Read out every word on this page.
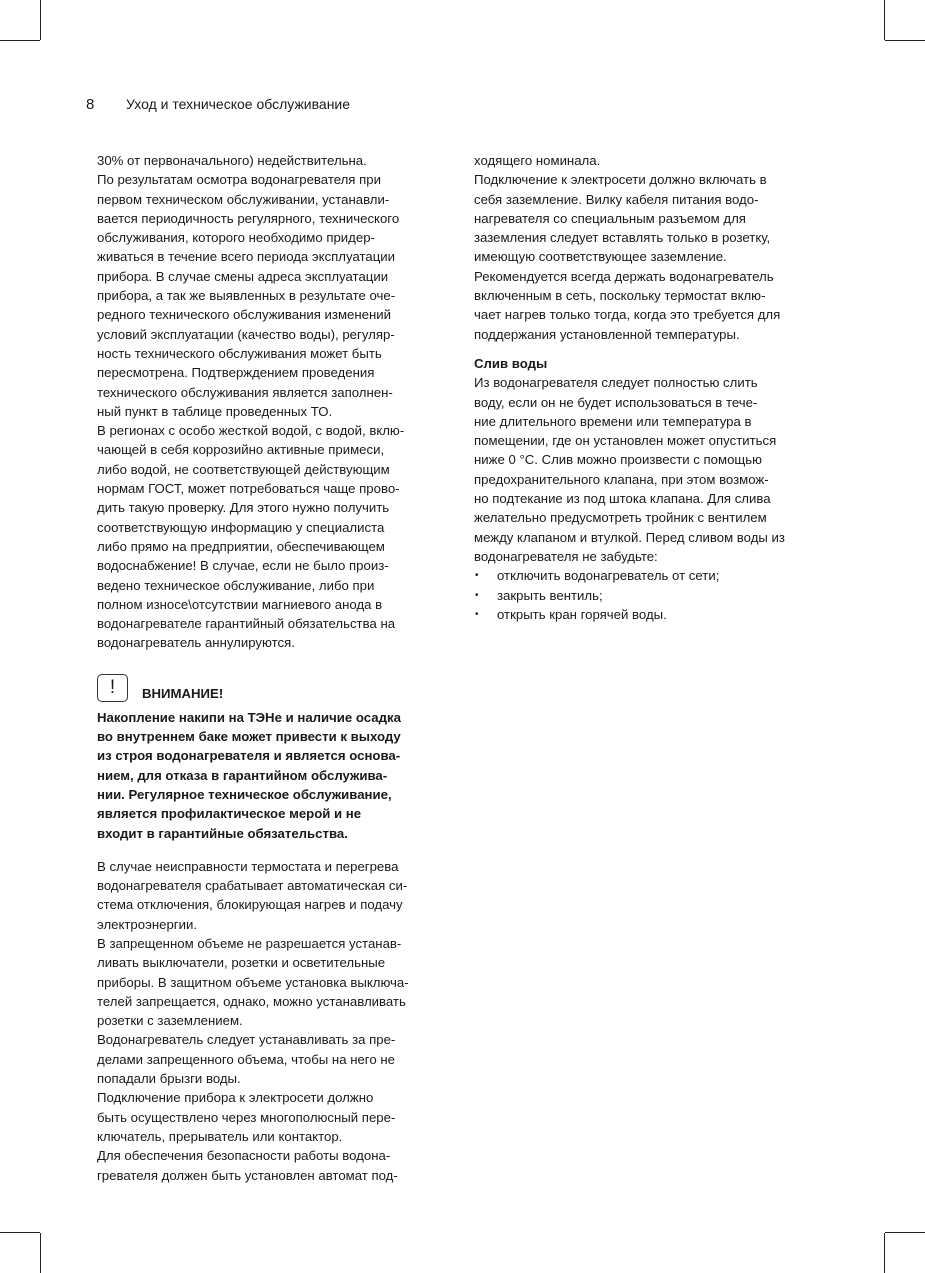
8	Уход и техническое обслуживание

30% от первоначального) недействительна.

По результатам осмотра водонагревателя при

первом техническом обслуживании, устанавли-

вается периодичность регулярного, технического

обслуживания, которого необходимо придер-

живаться в течение всего периода эксплуатации

прибора. В случае смены адреса эксплуатации

прибора, а так же выявленных в результате оче-

редного технического обслуживания изменений

условий эксплуатации (качество воды), регуляр-

ность технического обслуживания может быть

пересмотрена. Подтверждением проведения

технического обслуживания является заполнен-

ный пункт в таблице проведенных ТО.

В регионах с особо жесткой водой, с водой, вклю-

чающей в себя коррозийно активные примеси,

либо водой, не соответствующей действующим

нормам ГОСТ, может потребоваться чаще прово-

дить такую проверку. Для этого нужно получить

соответствующую информацию у специалиста

либо прямо на предприятии, обеспечивающем

водоснабжение! В случае, если не было произ-

ведено техническое обслуживание, либо при

полном износе\отсутствии магниевого анода в

водонагревателе гарантийный обязательства на

водонагреватель аннулируются.

!	ВНИМАНИЕ!

Накопление накипи на ТЭНе и наличие осадка

во внутреннем баке может привести к выходу

из строя водонагревателя и является основа-

нием, для отказа в гарантийном обслужива-

нии. Регулярное техническое обслуживание,

является профилактическое мерой и не

входит в гарантийные обязательства.

В случае неисправности термостата и перегрева

водонагревателя срабатывает автоматическая си-

стема отключения, блокирующая нагрев и подачу

электроэнергии.

В запрещенном объеме не разрешается устанав-

ливать выключатели, розетки и осветительные

приборы. В защитном объеме установка выключа-

телей запрещается, однако, можно устанавливать

розетки с заземлением.

Водонагреватель следует устанавливать за пре-

делами запрещенного объема, чтобы на него не

попадали брызги воды.

Подключение прибора к электросети должно

быть осуществлено через многополюсный пере-

ключатель, прерыватель или контактор.

Для обеспечения безопасности работы водона-

гревателя должен быть установлен автомат под-

ходящего номинала.

Подключение к электросети должно включать в

себя заземление. Вилку кабеля питания водо-

нагревателя со специальным разъемом для

заземления следует вставлять только в розетку,

имеющую соответствующее заземление.

Рекомендуется всегда держать водонагреватель

включенным в сеть, поскольку термостат вклю-

чает нагрев только тогда, когда это требуется для

поддержания установленной температуры.

Слив воды

Из водонагревателя следует полностью слить

воду, если он не будет использоваться в тече-

ние длительного времени или температура в

помещении, где он установлен может опуститься

ниже 0 °С. Слив можно произвести с помощью

предохранительного клапана, при этом возмож-

но подтекание из под штока клапана. Для слива

желательно предусмотреть тройник с вентилем

между клапаном и втулкой. Перед сливом воды из

водонагревателя не забудьте:

• отключить водонагреватель от сети;
• закрыть вентиль;
• открыть кран горячей воды.
